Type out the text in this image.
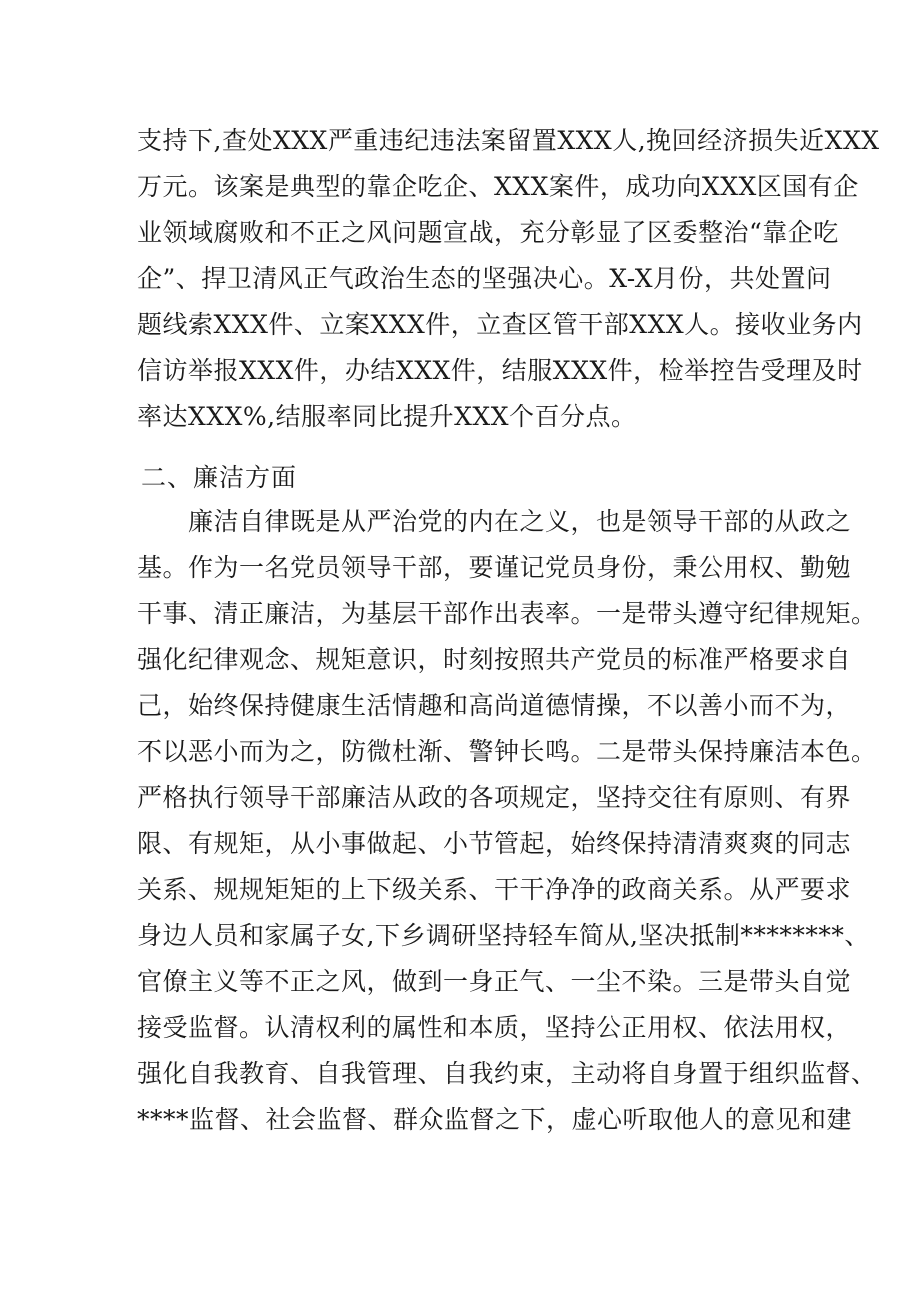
支持下,查处XXX严重违纪违法案留置XXX人,挽回经济损失近XXX
万元。该案是典型的靠企吃企、XXX案件，成功向XXX区国有企
业领域腐败和不正之风问题宣战，充分彰显了区委整治“靠企吃
企”、捍卫清风正气政治生态的坚强决心。X-X月份，共处置问
题线索XXX件、立案XXX件，立查区管干部XXX人。接收业务内
信访举报XXX件，办结XXX件，结服XXX件，检举控告受理及时
率达XXX%,结服率同比提升XXX个百分点。
二、廉洁方面
　　廉洁自律既是从严治党的内在之义，也是领导干部的从政之
基。作为一名党员领导干部，要谨记党员身份，秉公用权、勤勉
干事、清正廉洁，为基层干部作出表率。一是带头遵守纪律规矩。
强化纪律观念、规矩意识，时刻按照共产党员的标准严格要求自
己，始终保持健康生活情趣和高尚道德情操，不以善小而不为，
不以恶小而为之，防微杜渐、警钟长鸣。二是带头保持廉洁本色。
严格执行领导干部廉洁从政的各项规定，坚持交往有原则、有界
限、有规矩，从小事做起、小节管起，始终保持清清爽爽的同志
关系、规规矩矩的上下级关系、干干净净的政商关系。从严要求
身边人员和家属子女,下乡调研坚持轻车简从,坚决抵制********、
官僚主义等不正之风，做到一身正气、一尘不染。三是带头自觉
接受监督。认清权利的属性和本质，坚持公正用权、依法用权，
强化自我教育、自我管理、自我约束，主动将自身置于组织监督、
****监督、社会监督、群众监督之下，虚心听取他人的意见和建
